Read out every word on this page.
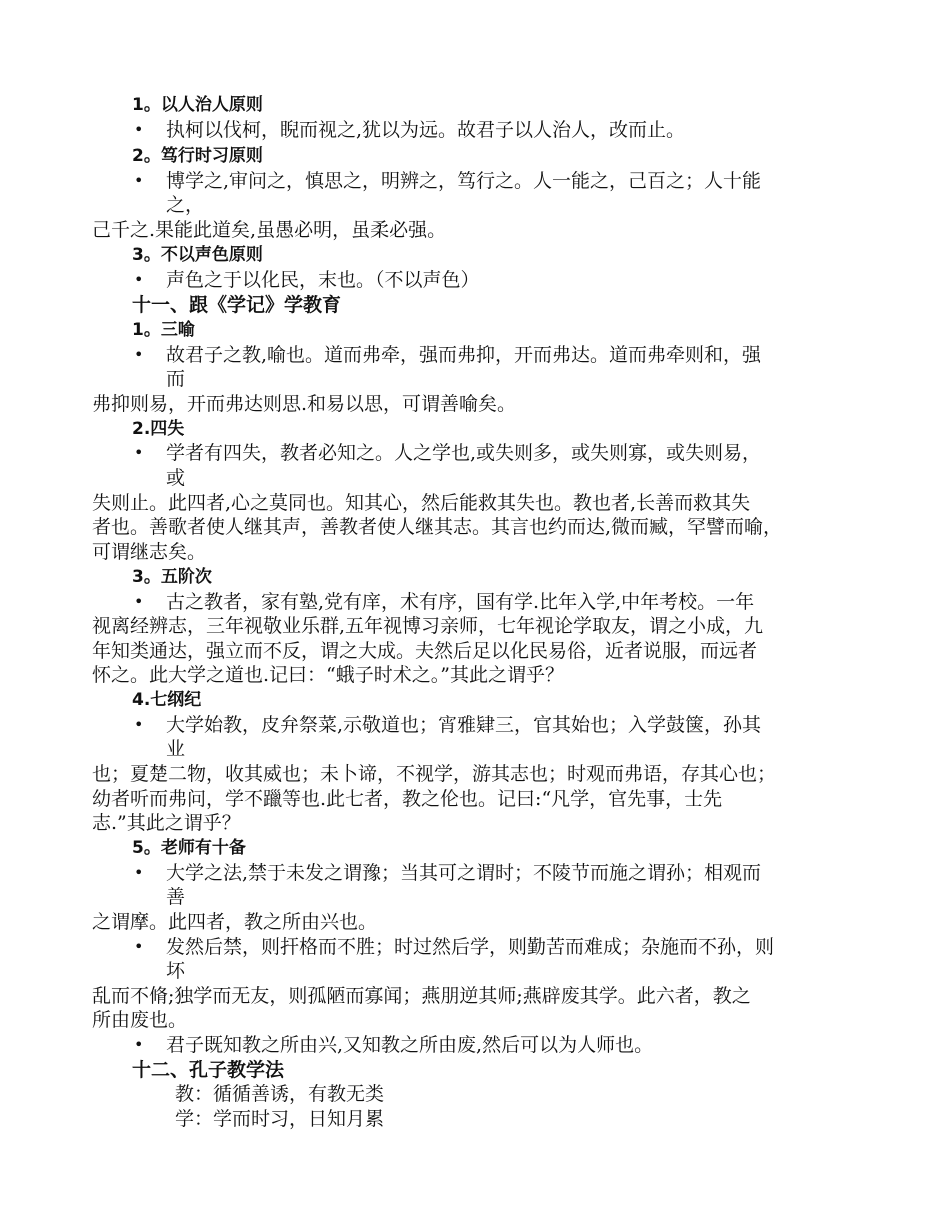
1。以人治人原则
• 执柯以伐柯，睨而视之,犹以为远。故君子以人治人，改而止。
2。笃行时习原则
• 博学之,审问之，慎思之，明辨之，笃行之。人一能之，己百之；人十能
之，
己千之.果能此道矣,虽愚必明，虽柔必强。
3。不以声色原则
• 声色之于以化民，末也。（不以声色）
十一、跟《学记》学教育
1。三喻
• 故君子之教,喻也。道而弗牵，强而弗抑，开而弗达。道而弗牵则和，强
而
弗抑则易，开而弗达则思.和易以思，可谓善喻矣。
2.四失
• 学者有四失，教者必知之。人之学也,或失则多，或失则寡，或失则易，
或
失则止。此四者,心之莫同也。知其心，然后能救其失也。教也者,长善而救其失
者也。善歌者使人继其声，善教者使人继其志。其言也约而达,微而臧，罕譬而喻，
可谓继志矣。
3。五阶次
• 古之教者，家有塾,党有庠，术有序，国有学.比年入学,中年考校。一年
视离经辨志，三年视敬业乐群,五年视博习亲师，七年视论学取友，谓之小成，九
年知类通达，强立而不反，谓之大成。夫然后足以化民易俗，近者说服，而远者
怀之。此大学之道也.记曰：“蛾子时术之。”其此之谓乎？
4.七纲纪
• 大学始教，皮弁祭菜,示敬道也；宵雅肄三，官其始也；入学鼓箧，孙其
业
也；夏楚二物，收其威也；未卜谛，不视学，游其志也；时观而弗语，存其心也；
幼者听而弗问，学不躐等也.此七者，教之伦也。记曰:“凡学，官先事，士先
志.”其此之谓乎？
5。老师有十备
• 大学之法,禁于未发之谓豫；当其可之谓时；不陵节而施之谓孙；相观而
善
之谓摩。此四者，教之所由兴也。
• 发然后禁，则扞格而不胜；时过然后学，则勤苦而难成；杂施而不孙，则
坏
乱而不脩;独学而无友，则孤陋而寡闻；燕朋逆其师;燕辟废其学。此六者，教之
所由废也。
• 君子既知教之所由兴,又知教之所由废,然后可以为人师也。
十二、孔子教学法
教：循循善诱，有教无类
学：学而时习，日知月累
